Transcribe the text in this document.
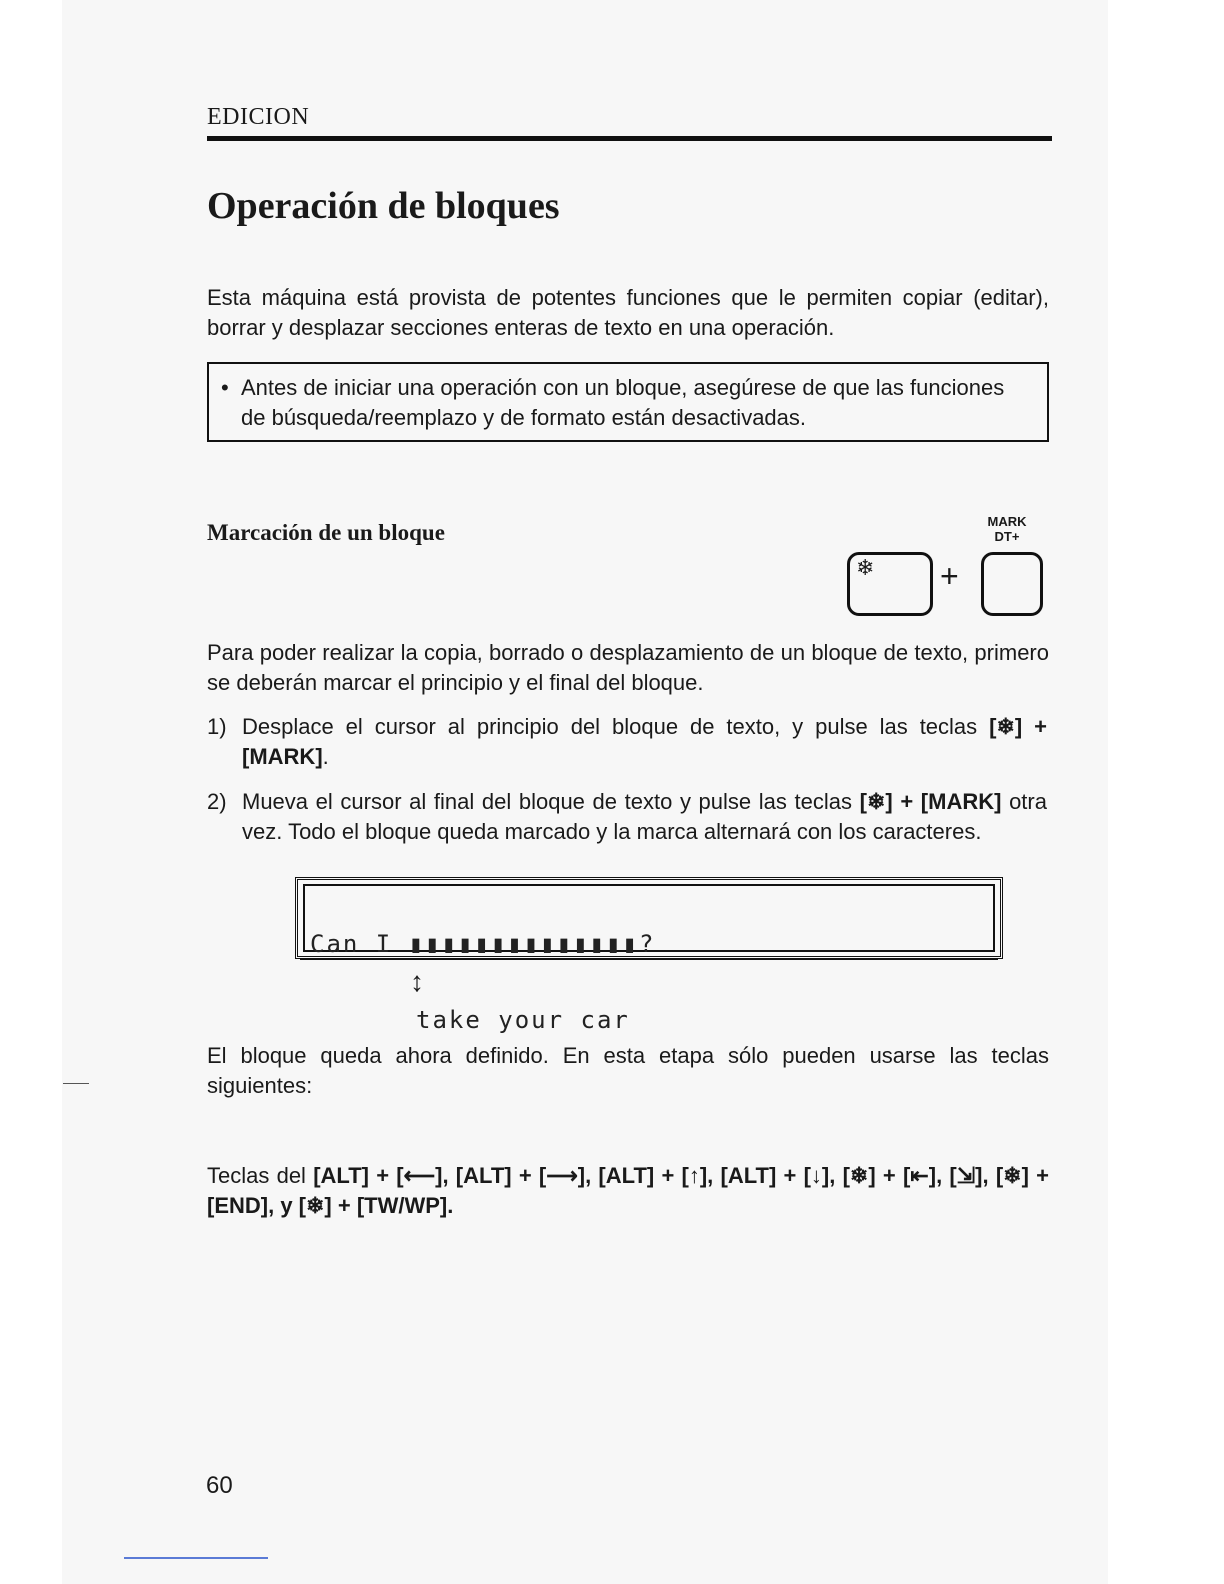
EDICION
Operación de bloques
Esta máquina está provista de potentes funciones que le permiten copiar (editar), borrar y desplazar secciones enteras de texto en una operación.
• Antes de iniciar una operación con un bloque, asegúrese de que las funciones de búsqueda/reemplazo y de formato están desactivadas.
Marcación de un bloque	MARK
DT+
❄ +
Para poder realizar la copia, borrado o desplazamiento de un bloque de texto, primero se deberán marcar el principio y el final del bloque.
1) Desplace el cursor al principio del bloque de texto, y pulse las teclas [❄] + [MARK].
2) Mueva el cursor al final del bloque de texto y pulse las teclas [❄] + [MARK] otra vez. Todo el bloque queda marcado y la marca alternará con los caracteres.
Can I ▮▮▮▮▮▮▮▮▮▮▮▮▮▮?
↕
take your car
El bloque queda ahora definido. En esta etapa sólo pueden usarse las teclas siguientes:
Teclas del [ALT] + [⟵], [ALT] + [⟶], [ALT] + [↑], [ALT] + [↓], [❄] + [⇤], [⇲], [❄] + [END], y [❄] + [TW/WP].
60
